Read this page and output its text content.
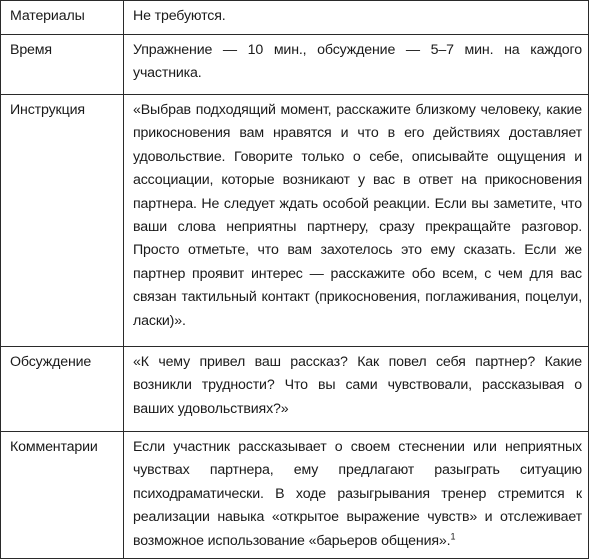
Материалы	Не требуются.
Время	Упражнение — 10 мин., обсуждение — 5–7 мин. на каждого участника.
Инструкция	«Выбрав подходящий момент, расскажите близкому человеку, какие прикосновения вам нравятся и что в его действиях доставляет удовольствие. Говорите только о себе, описывайте ощущения и ассоциации, которые возникают у вас в ответ на прикосновения партнера. Не следует ждать особой реакции. Если вы заметите, что ваши слова неприятны партнеру, сразу прекращайте разговор. Просто отметьте, что вам захотелось это ему сказать. Если же партнер проявит интерес — расскажите обо всем, с чем для вас связан тактильный контакт (прикосновения, поглаживания, поцелуи, ласки)».
Обсуждение	«К чему привел ваш рассказ? Как повел себя партнер? Какие возникли трудности? Что вы сами чувствовали, рассказывая о ваших удовольствиях?»
Комментарии	Если участник рассказывает о своем стеснении или неприятных чувствах партнера, ему предлагают разыграть ситуацию психодраматически. В ходе разыгрывания тренер стремится к реализации навыка «открытое выражение чувств» и отслеживает возможное использование «барьеров общения».$^1$
